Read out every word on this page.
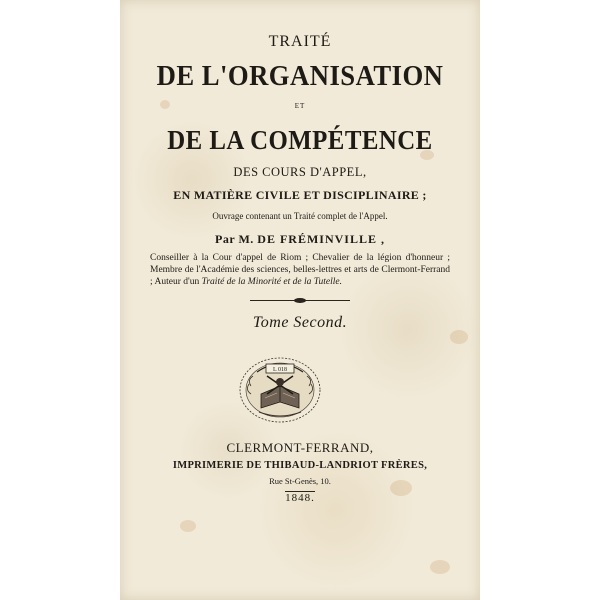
TRAITÉ
DE L'ORGANISATION
ET
DE LA COMPÉTENCE
DES COURS D'APPEL,
EN MATIÈRE CIVILE ET DISCIPLINAIRE ;
Ouvrage contenant un Traité complet de l'Appel.
Par M. DE FRÉMINVILLE ,
Conseiller à la Cour d'appel de Riom ; Chevalier de la légion d'honneur ; Membre de l'Académie des sciences, belles-lettres et arts de Clermont-Ferrand ; Auteur d'un Traité de la Minorité et de la Tutelle.
Tome Second.
L 018
CLERMONT-FERRAND,
IMPRIMERIE DE THIBAUD-LANDRIOT FRÈRES,
Rue St-Genès, 10.
1848.
